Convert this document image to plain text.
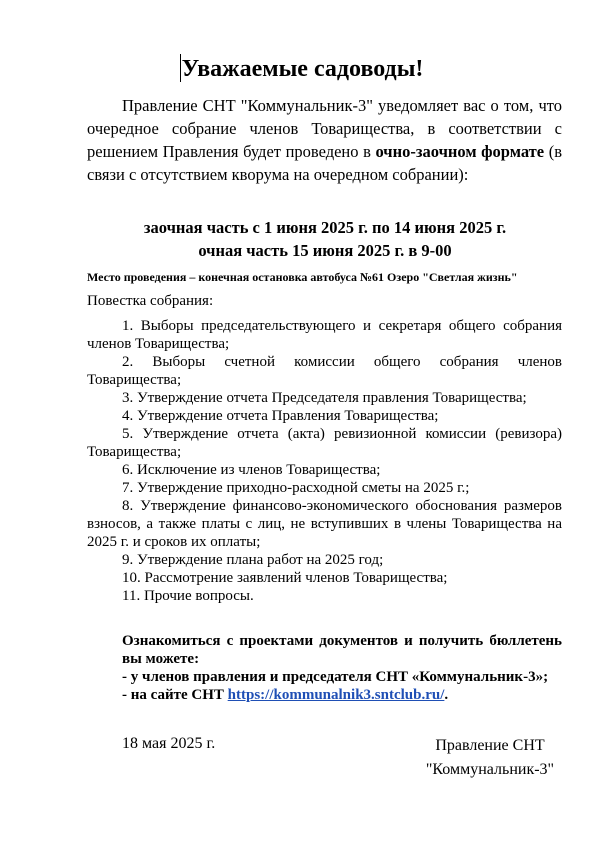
Уважаемые садоводы!

Правление СНТ "Коммунальник-3" уведомляет вас о том, что очередное собрание членов Товарищества, в соответствии с решением Правления будет проведено в очно-заочном формате (в связи с отсутствием кворума на очередном собрании):

заочная часть с 1 июня 2025 г. по 14 июня 2025 г.
очная часть 15 июня 2025 г. в 9-00
Место проведения – конечная остановка автобуса №61 Озеро "Светлая жизнь"
Повестка собрания:
1. Выборы председательствующего и секретаря общего собрания членов Товарищества;
2. Выборы счетной комиссии общего собрания членов Товарищества;
3. Утверждение отчета Председателя правления Товарищества;
4. Утверждение отчета Правления Товарищества;
5. Утверждение отчета (акта) ревизионной комиссии (ревизора) Товарищества;
6. Исключение из членов Товарищества;
7. Утверждение приходно-расходной сметы на 2025 г.;
8. Утверждение финансово-экономического обоснования размеров взносов, а также платы с лиц, не вступивших в члены Товарищества на 2025 г. и сроков их оплаты;
9. Утверждение плана работ на 2025 год;
10. Рассмотрение заявлений членов Товарищества;
11. Прочие вопросы.

Ознакомиться с проектами документов и получить бюллетень вы можете:

- у членов правления и председателя СНТ «Коммунальник-3»;

- на сайте СНТ https://kommunalnik3.sntclub.ru/.

18 мая 2025 г.	Правление СНТ
"Коммунальник-3"
